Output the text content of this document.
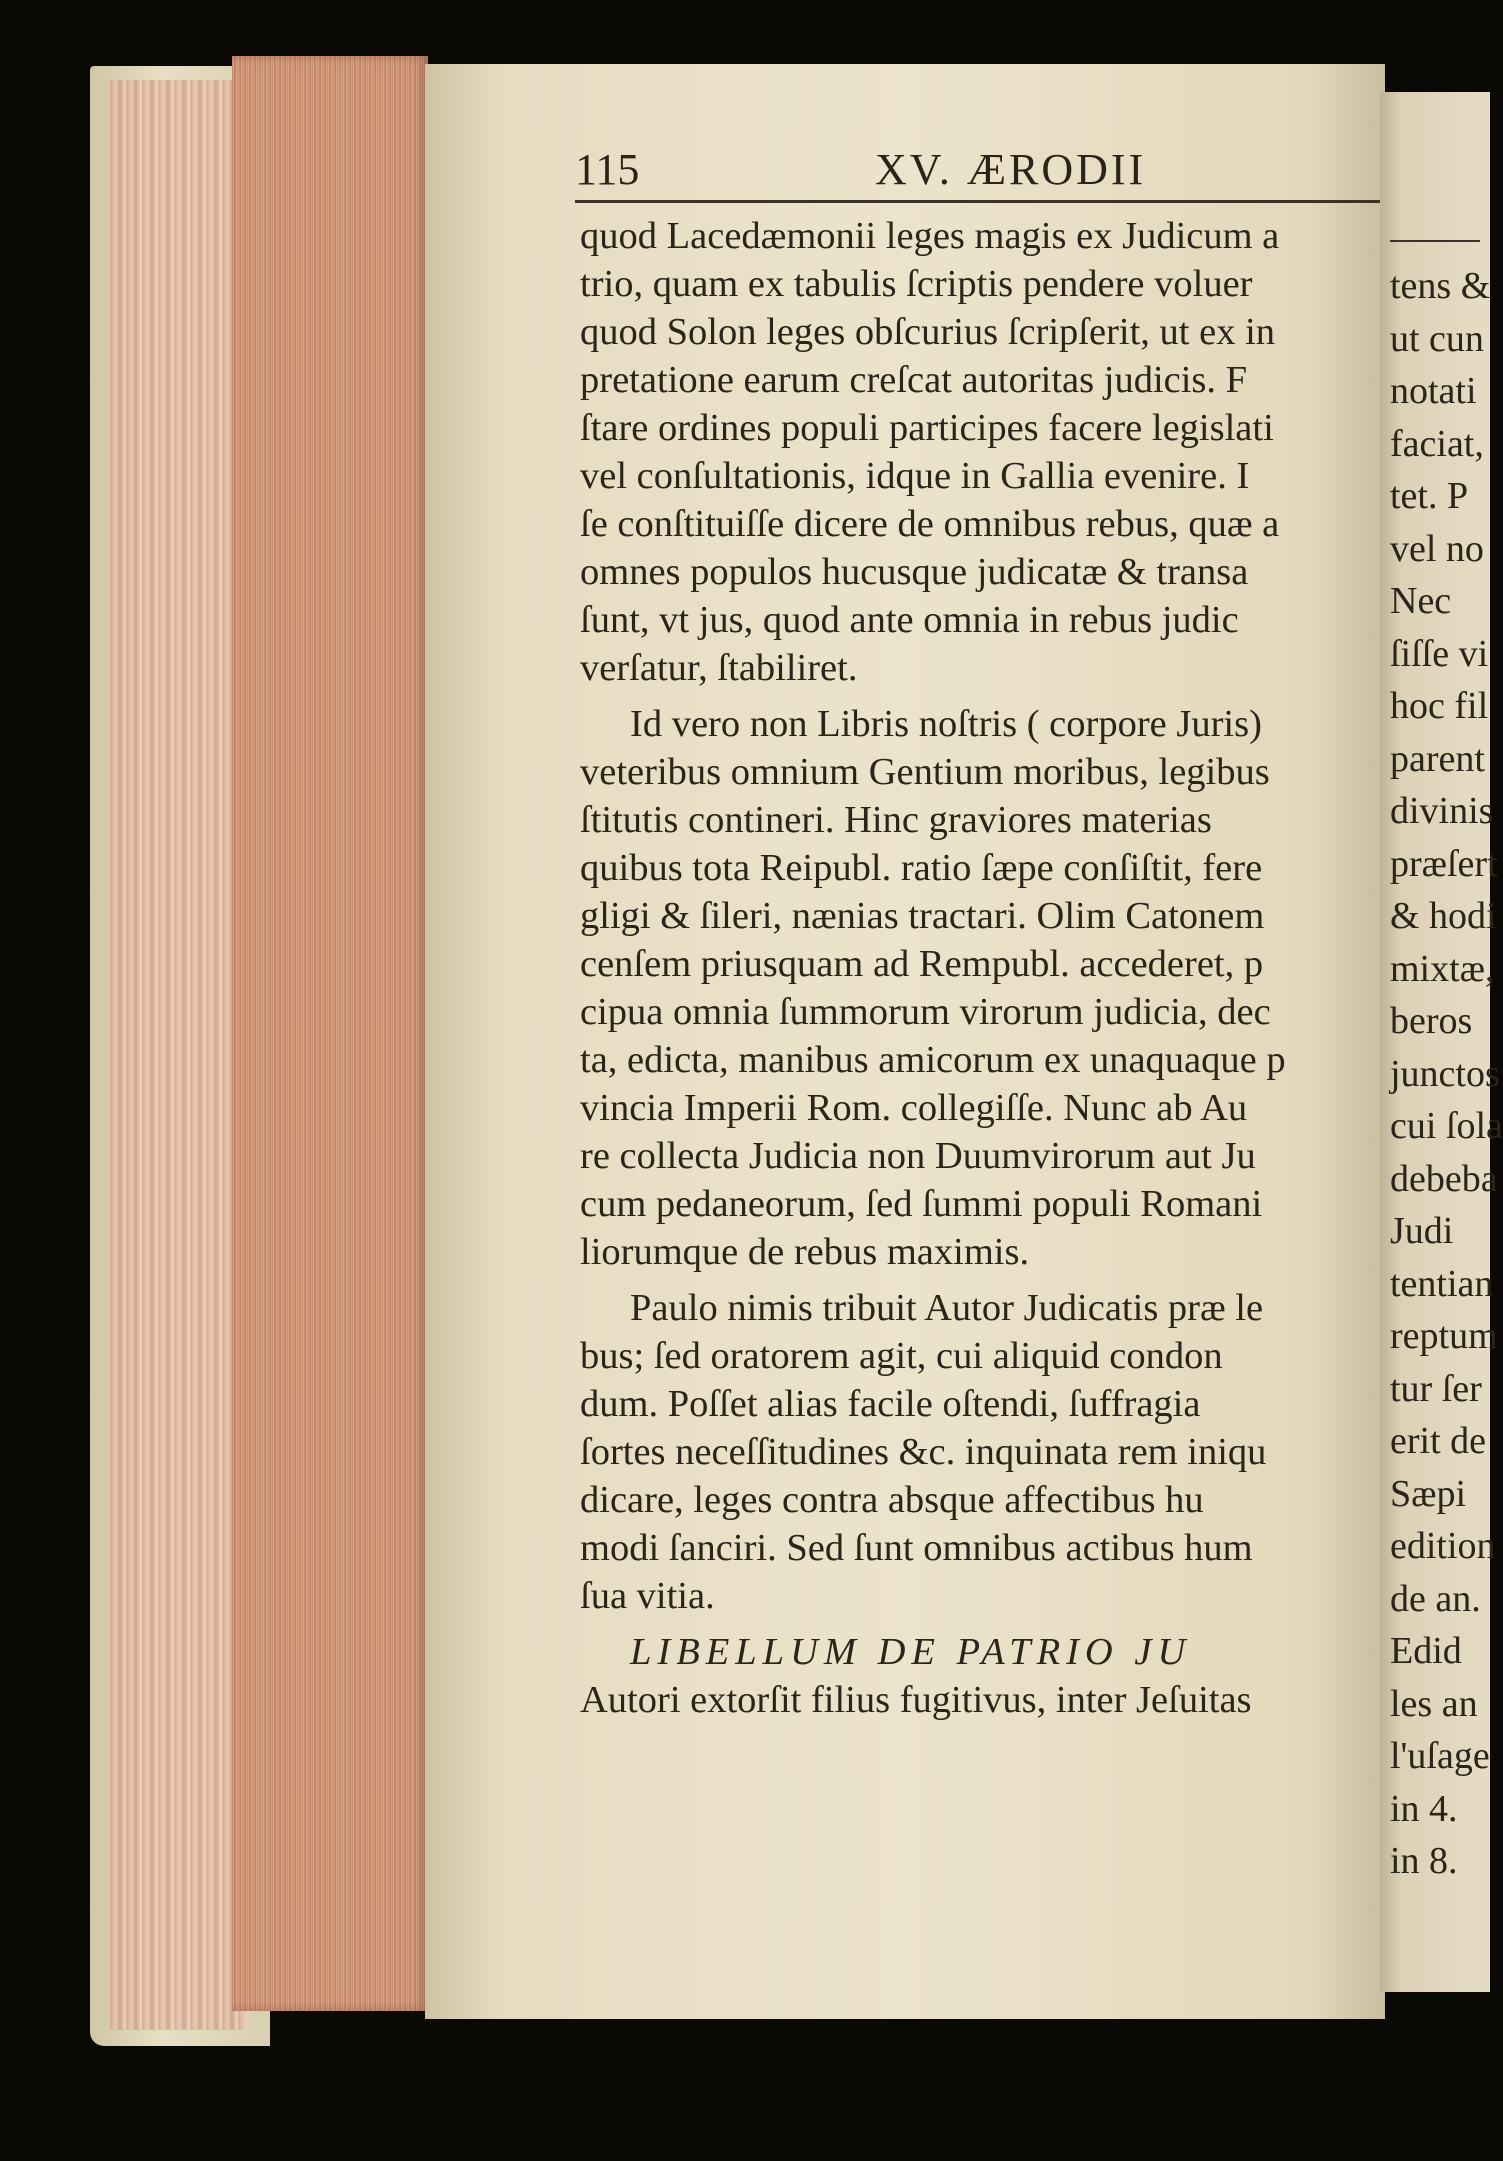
115	XV. ÆRODII
quod Lacedæmonii leges magis ex Judicum a
trio, quam ex tabulis ſcriptis pendere voluer
quod Solon leges obſcurius ſcripſerit, ut ex in
pretatione earum creſcat autoritas judicis. F
ſtare ordines populi participes facere legislati
vel conſultationis, idque in Gallia evenire. I
ſe conſtituiſſe dicere de omnibus rebus, quæ a
omnes populos hucusque judicatæ & transa
ſunt, vt jus, quod ante omnia in rebus judic
verſatur, ſtabiliret.
Id vero non Libris noſtris ( corpore Juris)
veteribus omnium Gentium moribus, legibus
ſtitutis contineri. Hinc graviores materias
quibus tota Reipubl. ratio ſæpe conſiſtit, fere
gligi & ſileri, nænias tractari. Olim Catonem
cenſem priusquam ad Rempubl. accederet, p
cipua omnia ſummorum virorum judicia, dec
ta, edicta, manibus amicorum ex unaquaque p
vincia Imperii Rom. collegiſſe. Nunc ab Au
re collecta Judicia non Duumvirorum aut Ju
cum pedaneorum, ſed ſummi populi Romani
liorumque de rebus maximis.
Paulo nimis tribuit Autor Judicatis præ le
bus; ſed oratorem agit, cui aliquid condon
dum. Poſſet alias facile oſtendi, ſuffragia
ſortes neceſſitudines &c. inquinata rem iniqu
dicare, leges contra absque affectibus hu
modi ſanciri. Sed ſunt omnibus actibus hum
ſua vitia.
LIBELLUM DE PATRIO JU
Autori extorſit filius fugitivus, inter Jeſuitas
tens &
ut cun
notati
faciat,
tet. P
vel no
Nec
ſiſſe vi
hoc fil
parent
divinis
præſert
& hodi
mixtæ,
beros
junctos
cui ſola
debeba
Judi
tentian
reptum
tur ſer
erit de
Sæpi
edition
de an.
Edid
les an
l'uſage
in 4.
in 8.
